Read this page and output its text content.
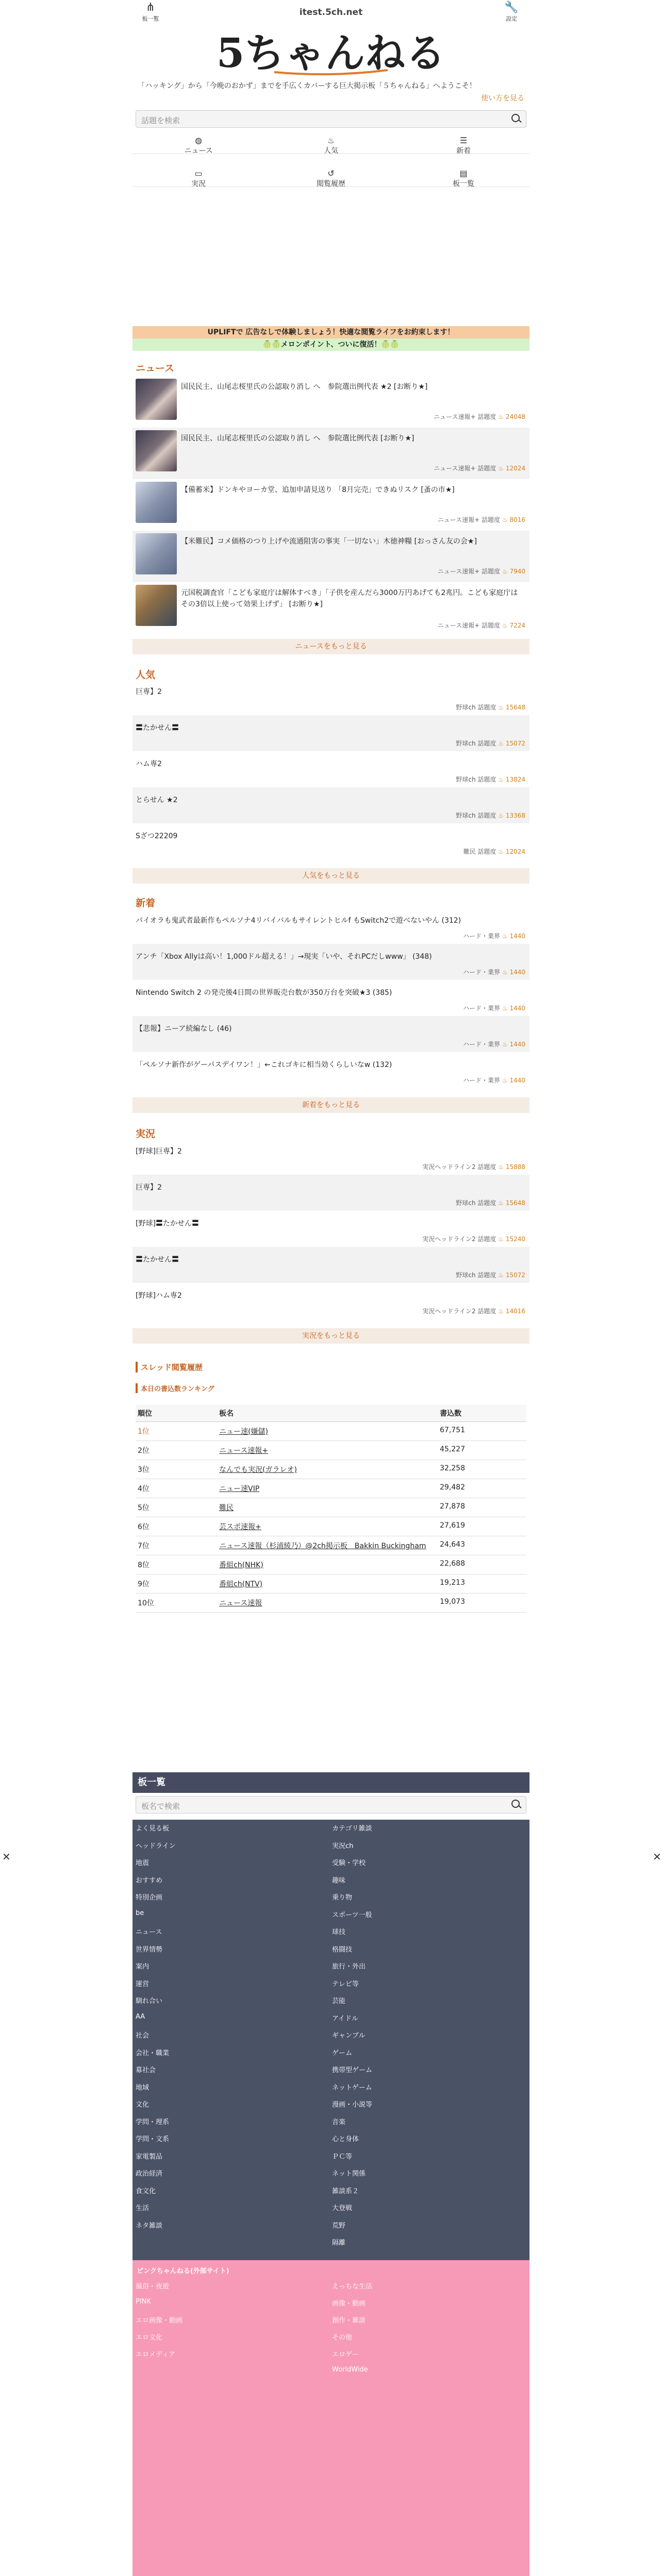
✕	✕
⋔
板一覧
itest.5ch.net	🔧
設定
5ちゃんねる
「ハッキング」から「今晩のおかず」までを手広くカバーする巨大掲示板「５ちゃんねる」へようこそ！
使い方を見る
話題を検索
◍
ニュース
♨
人気
☰
新着
▭
実況
↺
閲覧履歴
▤
板一覧
UPLIFTで 広告なしで体験しましょう！快適な閲覧ライフをお約束します！
🍈🍈メロンポイント、ついに復活！🍈🍈
ニュース
国民民主、山尾志桜里氏の公認取り消し へ　参院選出例代表 ★2 [お断り★]
ニュース速報+ 話題度 ♨ 24048
国民民主、山尾志桜里氏の公認取り消し へ　参院選比例代表 [お断り★]
ニュース速報+ 話題度 ♨ 12024
【備蓄米】ドンキやヨーカ堂、追加申請見送り 「8月完売」できぬリスク [蚤の市★]
ニュース速報+ 話題度 ♨ 8016
【米難民】コメ価格のつり上げや流通阻害の事実「一切ない」木徳神糧 [おっさん友の会★]
ニュース速報+ 話題度 ♨ 7940
元国税調査官「こども家庭庁は解体すべき」「子供を産んだら3000万円あげても2兆円。こども家庭庁はその3倍以上使って効果上げず」 [お断り★]
ニュース速報+ 話題度 ♨ 7224
ニュースをもっと見る
人気
巨専】2
野球ch 話題度 ♨ 15648
〓たかせん〓
野球ch 話題度 ♨ 15072
ハム専2
野球ch 話題度 ♨ 13824
とらせん ★2
野球ch 話題度 ♨ 13368
Sざつ22209
難民 話題度 ♨ 12024
人気をもっと見る
新着
パイオラも鬼武者最新作もペルソナ4リバイバルもサイレントヒルf もSwitch2で遊べないやん (312)
ハード・業界 ♨ 1440
アンチ「Xbox Allyは高い！1,000ドル超える！」→現実「いや、それPCだしwww」 (348)
ハード・業界 ♨ 1440
Nintendo Switch 2 の発売後4日間の世界販売台数が350万台を突破★3 (385)
ハード・業界 ♨ 1440
【悲報】ニーア続編なし (46)
ハード・業界 ♨ 1440
「ペルソナ新作がゲーパスデイワン！」←これゴキに相当効くらしいなw (132)
ハード・業界 ♨ 1440
新着をもっと見る
実況
[野球]巨専】2
実況ヘッドライン2 話題度 ♨ 15888
巨専】2
野球ch 話題度 ♨ 15648
[野球]〓たかせん〓
実況ヘッドライン2 話題度 ♨ 15240
〓たかせん〓
野球ch 話題度 ♨ 15072
[野球]ハム専2
実況ヘッドライン2 話題度 ♨ 14016
実況をもっと見る
スレッド閲覧履歴
本日の書込数ランキング
順位	板名	書込数
1位	ニュー速(嫌儲)	67,751
2位	ニュース速報+	45,227
3位	なんでも実況(ガラレオ)	32,258
4位	ニュー速VIP	29,482
5位	難民	27,878
6位	芸スポ速報+	27,619
7位	ニュース速報（杉浦綾乃）@2ch掲示板　Bakkin Buckingham	24,643
8位	番組ch(NHK)	22,688
9位	番組ch(NTV)	19,213
10位	ニュース速報	19,073
板一覧
板名で検索
よく見る板
ヘッドライン
地震
おすすめ
特別企画
be
ニュース
世界情勢
案内
運営
馴れ合い
AA
社会
会社・職業
募社会
地域
文化
学問・理系
学問・文系
家電製品
政治経済
食文化
生活
ネタ雑談
カテゴリ雑談
実況ch
受験・学校
趣味
乗り物
スポーツ一般
球技
格闘技
旅行・外出
テレビ等
芸能
アイドル
ギャンブル
ゲーム
携帯型ゲーム
ネットゲーム
漫画・小説等
音楽
心と身体
ＰＣ等
ネット関係
雑談系２
大登戦
荒野
隔離
ピンクちゃんねる(外部サイト)
風俗・夜遊
PINK
エロ画像・動画
エロ文化
エロメディア
えっちな生活
画像・動画
創作・雑談
その他
エロゲー
WorldWide
